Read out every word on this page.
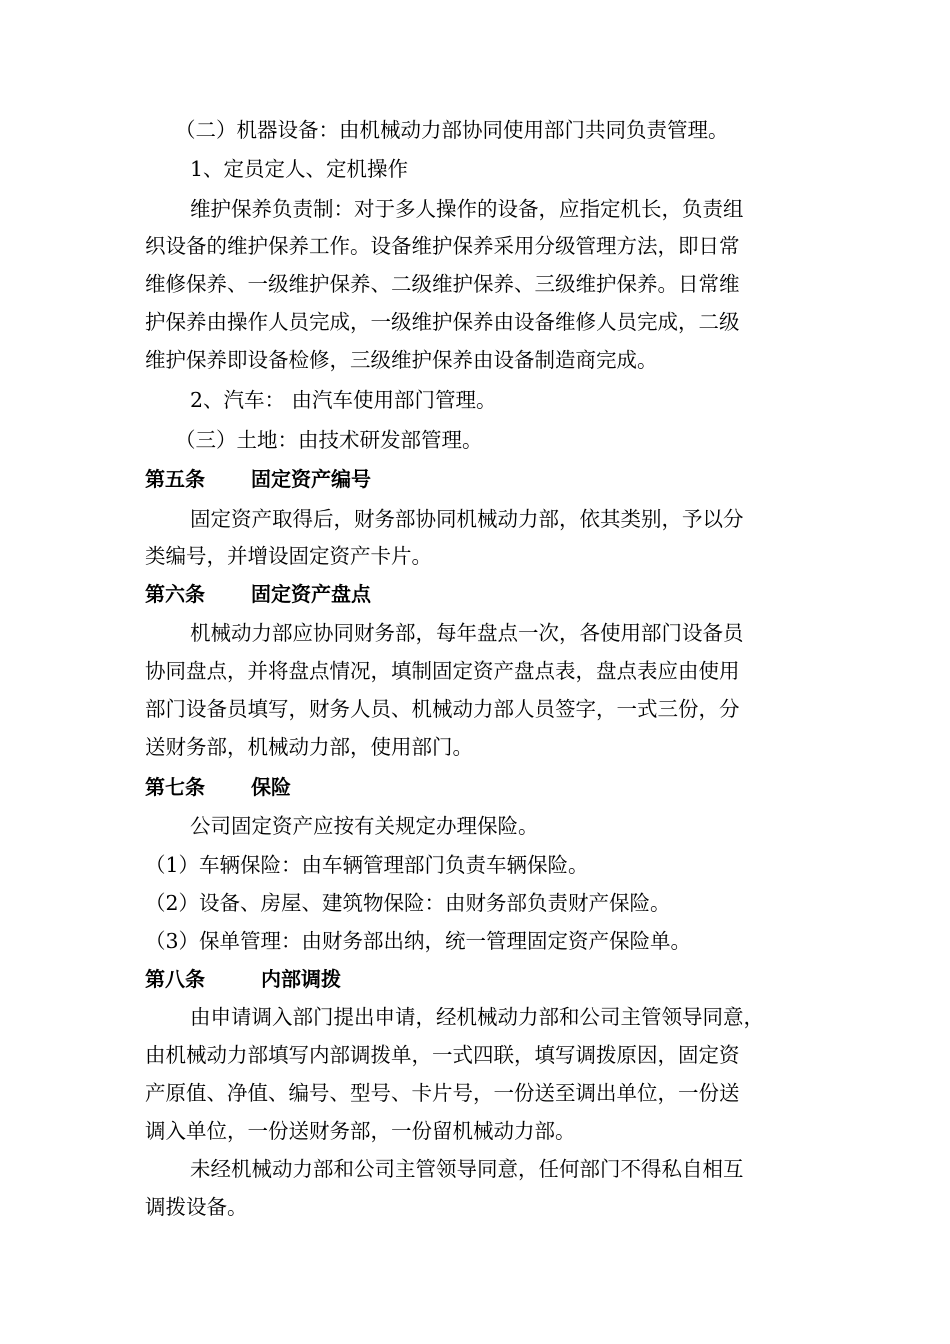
（二）机器设备：由机械动力部协同使用部门共同负责管理。
1、定员定人、定机操作
维护保养负责制：对于多人操作的设备，应指定机长，负责组
织设备的维护保养工作。设备维护保养采用分级管理方法，即日常
维修保养、一级维护保养、二级维护保养、三级维护保养。日常维
护保养由操作人员完成，一级维护保养由设备维修人员完成，二级
维护保养即设备检修，三级维护保养由设备制造商完成。
2、汽车： 由汽车使用部门管理。
（三）土地：由技术研发部管理。
第五条 固定资产编号
固定资产取得后，财务部协同机械动力部，依其类别，予以分
类编号，并增设固定资产卡片。
第六条 固定资产盘点
机械动力部应协同财务部，每年盘点一次，各使用部门设备员
协同盘点，并将盘点情况，填制固定资产盘点表，盘点表应由使用
部门设备员填写，财务人员、机械动力部人员签字，一式三份，分
送财务部，机械动力部，使用部门。
第七条 保险
公司固定资产应按有关规定办理保险。
（1）车辆保险：由车辆管理部门负责车辆保险。
（2）设备、房屋、建筑物保险：由财务部负责财产保险。
（3）保单管理：由财务部出纳，统一管理固定资产保险单。
第八条	内部调拨
由申请调入部门提出申请，经机械动力部和公司主管领导同意，
由机械动力部填写内部调拨单，一式四联，填写调拨原因，固定资
产原值、净值、编号、型号、卡片号，一份送至调出单位，一份送
调入单位，一份送财务部，一份留机械动力部。
未经机械动力部和公司主管领导同意，任何部门不得私自相互
调拨设备。
